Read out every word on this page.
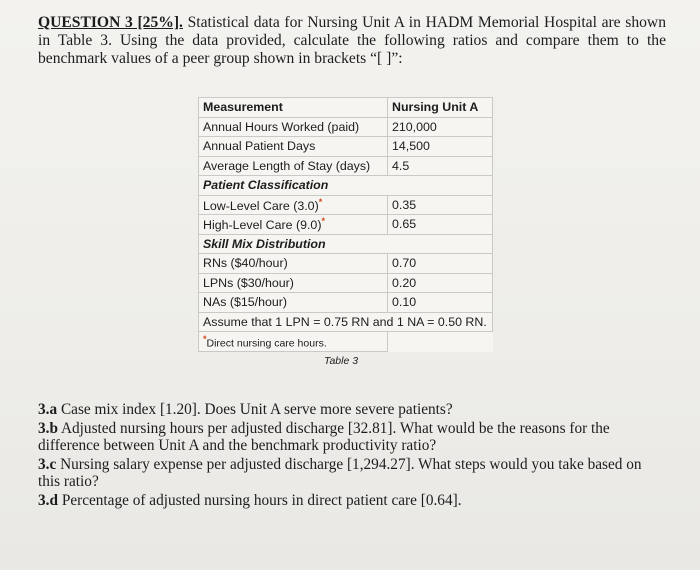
QUESTION 3 [25%]. Statistical data for Nursing Unit A in HADM Memorial Hospital are shown in Table 3. Using the data provided, calculate the following ratios and compare them to the benchmark values of a peer group shown in brackets “[ ]”:
Measurement	Nursing Unit A
Annual Hours Worked (paid)	210,000
Annual Patient Days	14,500
Average Length of Stay (days)	4.5
Patient Classification	
Low-Level Care (3.0)*	0.35
High-Level Care (9.0)*	0.65
Skill Mix Distribution	
RNs ($40/hour)	0.70
LPNs ($30/hour)	0.20
NAs ($15/hour)	0.10
Assume that 1 LPN = 0.75 RN and 1 NA = 0.50 RN.	
*Direct nursing care hours.	
Table 3
3.a Case mix index [1.20]. Does Unit A serve more severe patients?
3.b Adjusted nursing hours per adjusted discharge [32.81]. What would be the reasons for the difference between Unit A and the benchmark productivity ratio?
3.c Nursing salary expense per adjusted discharge [1,294.27]. What steps would you take based on this ratio?
3.d Percentage of adjusted nursing hours in direct patient care [0.64].
